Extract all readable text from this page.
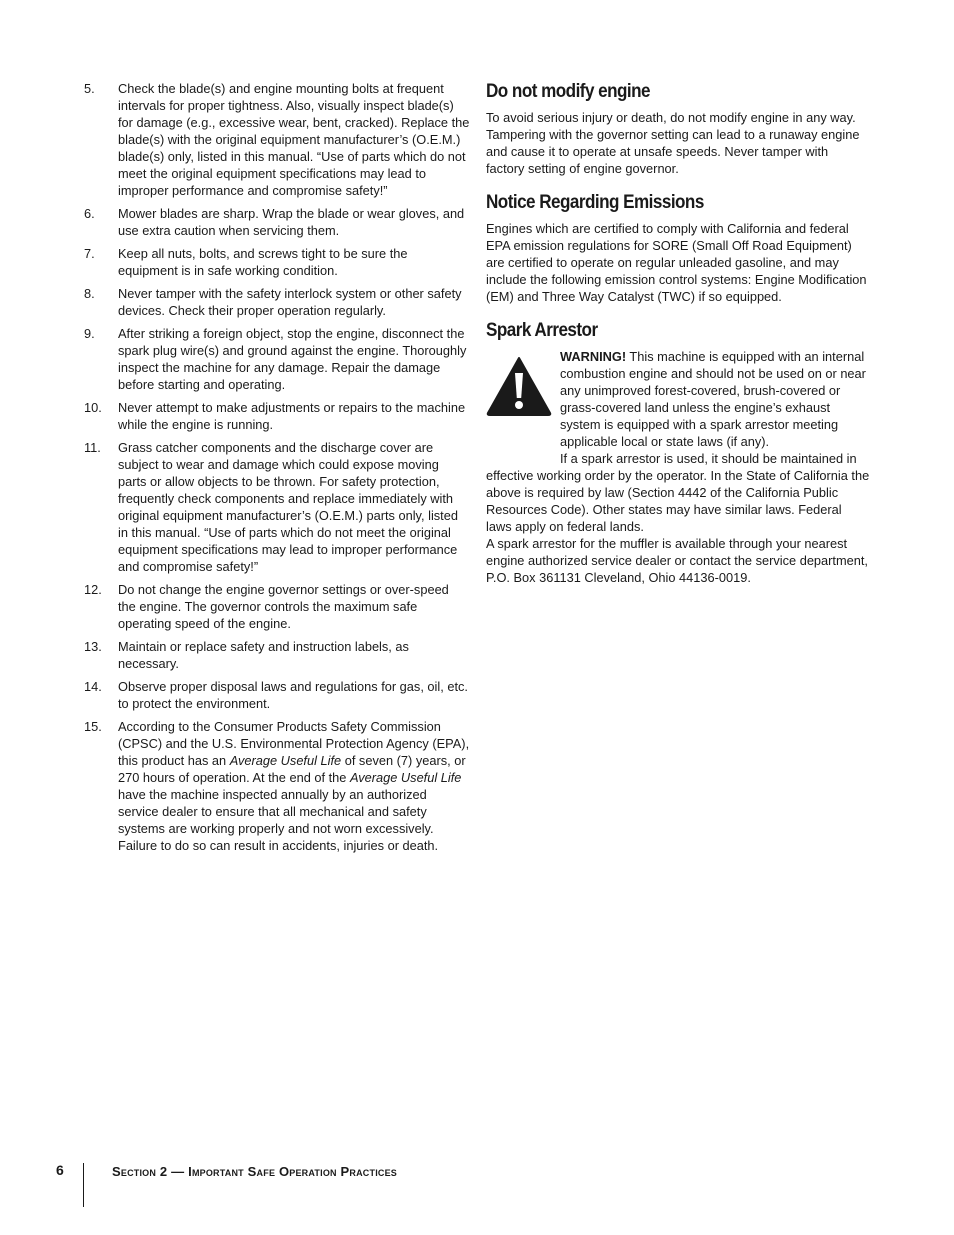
5.	Check the blade(s) and engine mounting bolts at frequent intervals for proper tightness. Also, visually inspect blade(s) for damage (e.g., excessive wear, bent, cracked). Replace the blade(s) with the original equipment manufacturer’s (O.E.M.) blade(s) only, listed in this manual. “Use of parts which do not meet the original equipment specifications may lead to improper performance and compromise safety!”
6.	Mower blades are sharp. Wrap the blade or wear gloves, and use extra caution when servicing them.
7.	Keep all nuts, bolts, and screws tight to be sure the equipment is in safe working condition.
8.	Never tamper with the safety interlock system or other safety devices. Check their proper operation regularly.
9.	After striking a foreign object, stop the engine, disconnect the spark plug wire(s) and ground against the engine. Thoroughly inspect the machine for any damage. Repair the damage before starting and operating.
10.	Never attempt to make adjustments or repairs to the machine while the engine is running.
11.	Grass catcher components and the discharge cover are subject to wear and damage which could expose moving parts or allow objects to be thrown. For safety protection, frequently check components and replace immediately with original equipment manufacturer’s (O.E.M.) parts only, listed in this manual. “Use of parts which do not meet the original equipment specifications may lead to improper performance and compromise safety!”
12.	Do not change the engine governor settings or over-speed the engine. The governor controls the maximum safe operating speed of the engine.
13.	Maintain or replace safety and instruction labels, as necessary.
14.	Observe proper disposal laws and regulations for gas, oil, etc. to protect the environment.
15.	According to the Consumer Products Safety Commission (CPSC) and the U.S. Environmental Protection Agency (EPA), this product has an Average Useful Life of seven (7) years, or 270 hours of operation. At the end of the Average Useful Life have the machine inspected annually by an authorized service dealer to ensure that all mechanical and safety systems are working properly and not worn excessively. Failure to do so can result in accidents, injuries or death.
Do not modify engine

To avoid serious injury or death, do not modify engine in any way. Tampering with the governor setting can lead to a runaway engine and cause it to operate at unsafe speeds. Never tamper with factory setting of engine governor.

Notice Regarding Emissions

Engines which are certified to comply with California and federal EPA emission regulations for SORE (Small Off Road Equipment) are certified to operate on regular unleaded gasoline, and may include the following emission control systems: Engine Modification (EM) and Three Way Catalyst (TWC) if so equipped.

Spark Arrestor

WARNING! This machine is equipped with an internal combustion engine and should not be used on or near any unimproved forest-covered, brush-covered or grass-covered land unless the engine’s exhaust system is equipped with a spark arrestor meeting applicable local or state laws (if any).

If a spark arrestor is used, it should be maintained in effective working order by the operator. In the State of California the above is required by law (Section 4442 of the California Public Resources Code). Other states may have similar laws. Federal laws apply on federal lands.

A spark arrestor for the muffler is available through your nearest engine authorized service dealer or contact the service department, P.O. Box 361131 Cleveland, Ohio 44136-0019.

6	Section 2 — Important Safe Operation Practices
